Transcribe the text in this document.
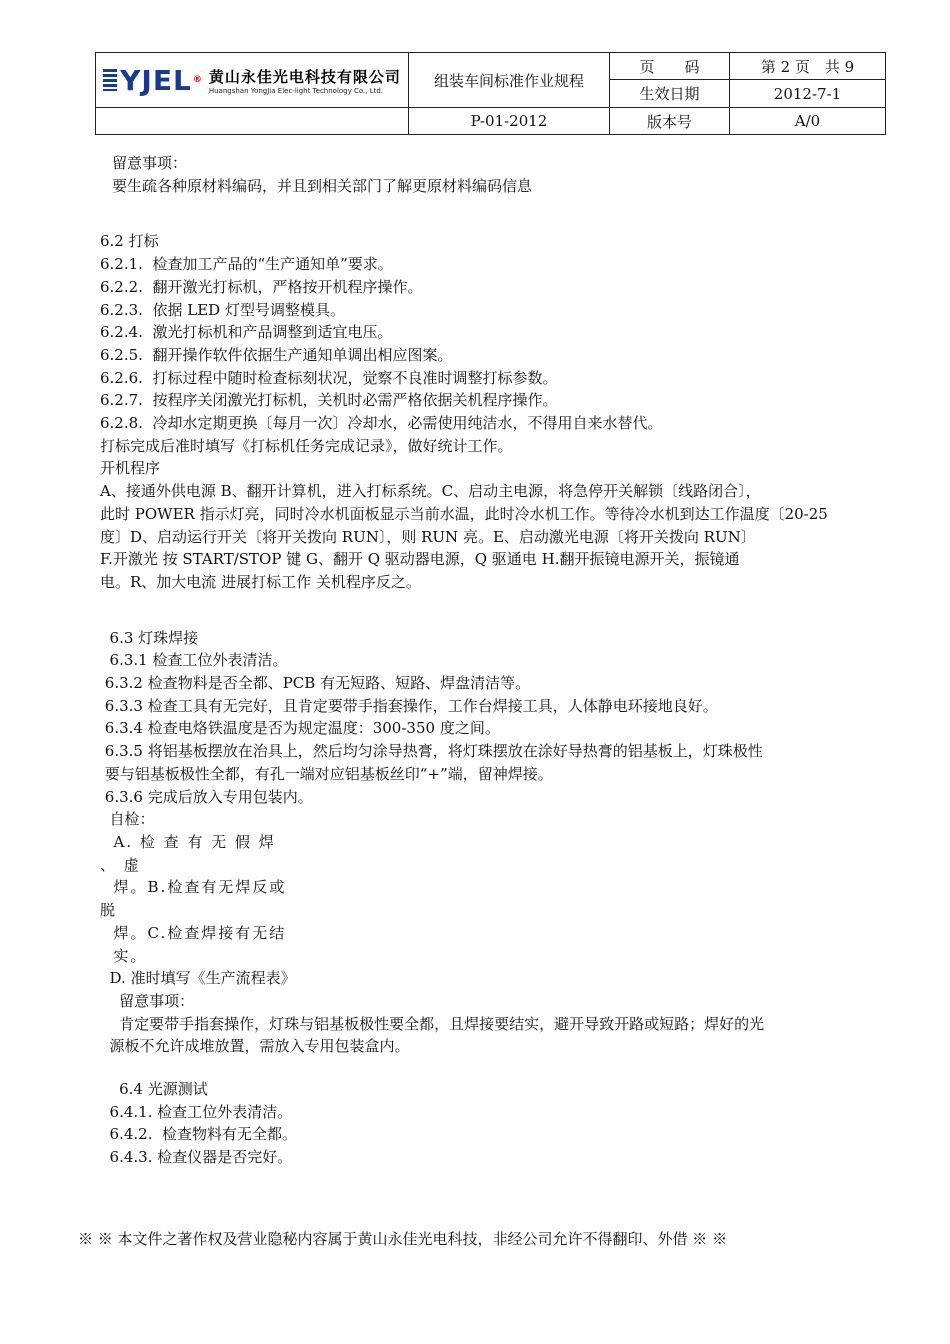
YJEL ® 黄山永佳光电科技有限公司
Huangshan YongJia Elec-light Technology Co., Ltd.	组装车间标准作业规程	页　　码	第 2 页　共 9
		生效日期	2012-7-1
	P-01-2012	版本号	A/0

留意事项：

要生疏各种原材料编码，并且到相关部门了解更原材料编码信息

6.2 打标

6.2.1.  检查加工产品的“生产通知单”要求。

6.2.2.  翻开激光打标机，严格按开机程序操作。

6.2.3.  依据 LED 灯型号调整模具。

6.2.4.  激光打标机和产品调整到适宜电压。

6.2.5.  翻开操作软件依据生产通知单调出相应图案。

6.2.6.  打标过程中随时检查标刻状况，觉察不良准时调整打标参数。

6.2.7.  按程序关闭激光打标机，关机时必需严格依据关机程序操作。

6.2.8.  冷却水定期更换〔每月一次〕冷却水，必需使用纯洁水，不得用自来水替代。

打标完成后准时填写《打标机任务完成记录》，做好统计工作。

开机程序

A、接通外供电源 B、翻开计算机，进入打标系统。C、启动主电源，将急停开关解锁〔线路闭合〕，

此时 POWER 指示灯亮，同时冷水机面板显示当前水温，此时冷水机工作。等待冷水机到达工作温度〔20-25

度〕D、启动运行开关〔将开关拨向 RUN〕，则 RUN 亮。E、启动激光电源〔将开关拨向 RUN〕

F.开激光 按 START/STOP 键 G、翻开 Q 驱动器电源，Q 驱通电 H.翻开振镜电源开关，振镜通

电。R、加大电流 进展打标工作 关机程序反之。

6.3 灯珠焊接

6.3.1 检查工位外表清洁。

6.3.2 检查物料是否全都、PCB 有无短路、短路、焊盘清洁等。

6.3.3 检查工具有无完好，且肯定要带手指套操作，工作台焊接工具，人体静电环接地良好。

6.3.4 检查电烙铁温度是否为规定温度：300-350 度之间。

6.3.5 将铝基板摆放在治具上，然后均匀涂导热膏，将灯珠摆放在涂好导热膏的铝基板上，灯珠极性

要与铝基板极性全都，有孔一端对应铝基板丝印“+”端，留神焊接。

6.3.6 完成后放入专用包装内。

自检：

A. 检 查 有 无 假 焊 、 虚

焊。B.检查有无焊反或脱

焊。C.检查焊接有无结

实。

D. 准时填写《生产流程表》

留意事项：

肯定要带手指套操作，灯珠与铝基板极性要全都，且焊接要结实，避开导致开路或短路；焊好的光

源板不允许成堆放置，需放入专用包装盒内。

6.4 光源测试

6.4.1. 检查工位外表清洁。

6.4.2.  检查物料有无全都。

6.4.3. 检查仪器是否完好。

※ ※ 本文件之著作权及营业隐秘内容属于黄山永佳光电科技，非经公司允许不得翻印、外借 ※ ※
